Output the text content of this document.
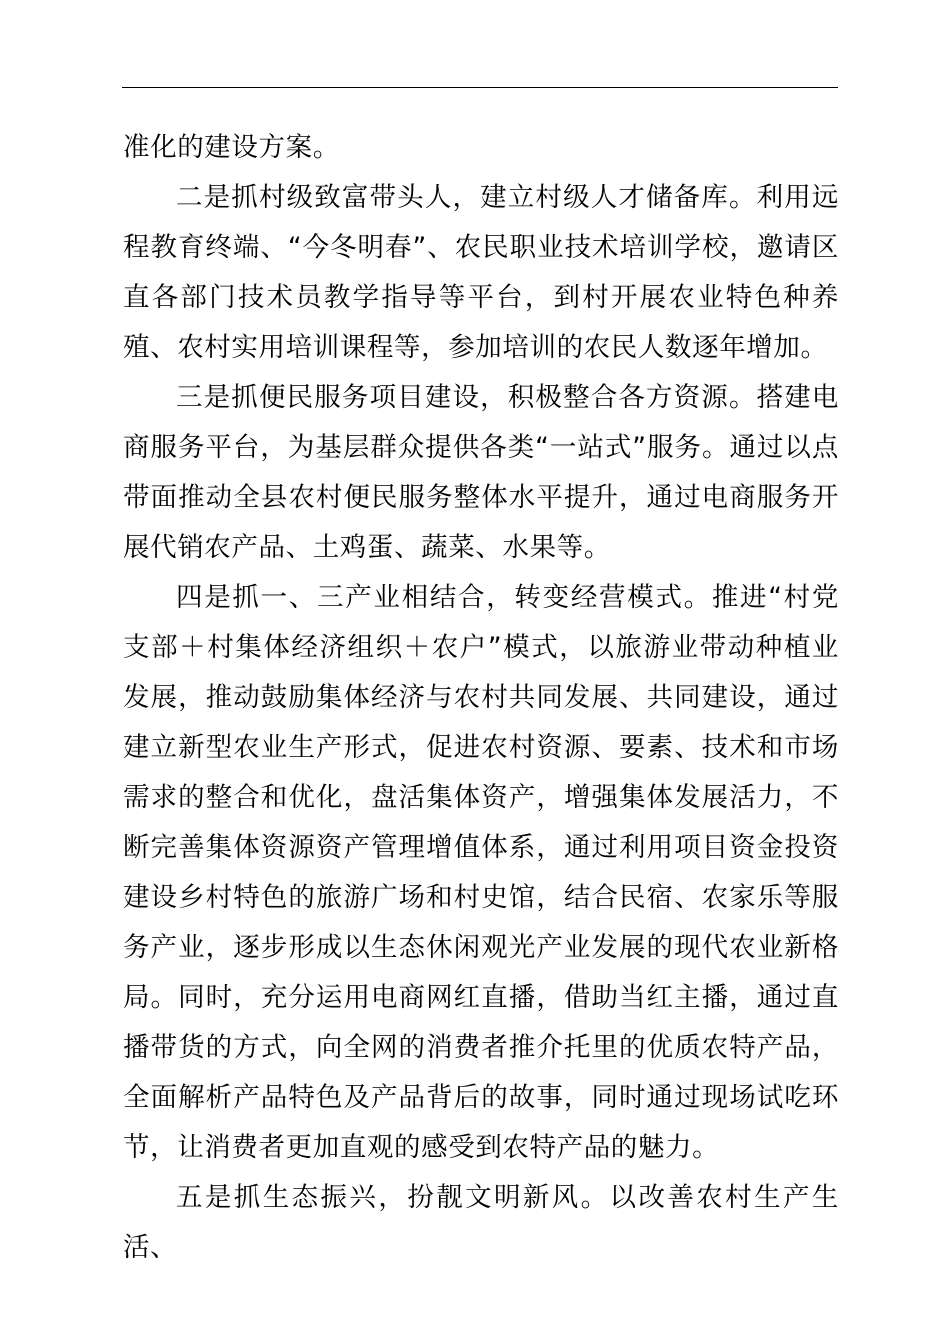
准化的建设方案。

二是抓村级致富带头人，建立村级人才储备库。利用远程教育终端、“今冬明春”、农民职业技术培训学校，邀请区直各部门技术员教学指导等平台，到村开展农业特色种养殖、农村实用培训课程等，参加培训的农民人数逐年增加。

三是抓便民服务项目建设，积极整合各方资源。搭建电商服务平台，为基层群众提供各类“一站式”服务。通过以点带面推动全县农村便民服务整体水平提升，通过电商服务开展代销农产品、土鸡蛋、蔬菜、水果等。

四是抓一、三产业相结合，转变经营模式。推进“村党支部＋村集体经济组织＋农户”模式，以旅游业带动种植业发展，推动鼓励集体经济与农村共同发展、共同建设，通过建立新型农业生产形式，促进农村资源、要素、技术和市场需求的整合和优化，盘活集体资产，增强集体发展活力，不断完善集体资源资产管理增值体系，通过利用项目资金投资建设乡村特色的旅游广场和村史馆，结合民宿、农家乐等服务产业，逐步形成以生态休闲观光产业发展的现代农业新格局。同时，充分运用电商网红直播，借助当红主播，通过直播带货的方式，向全网的消费者推介托里的优质农特产品，全面解析产品特色及产品背后的故事，同时通过现场试吃环节，让消费者更加直观的感受到农特产品的魅力。

五是抓生态振兴，扮靓文明新风。以改善农村生产生活、
